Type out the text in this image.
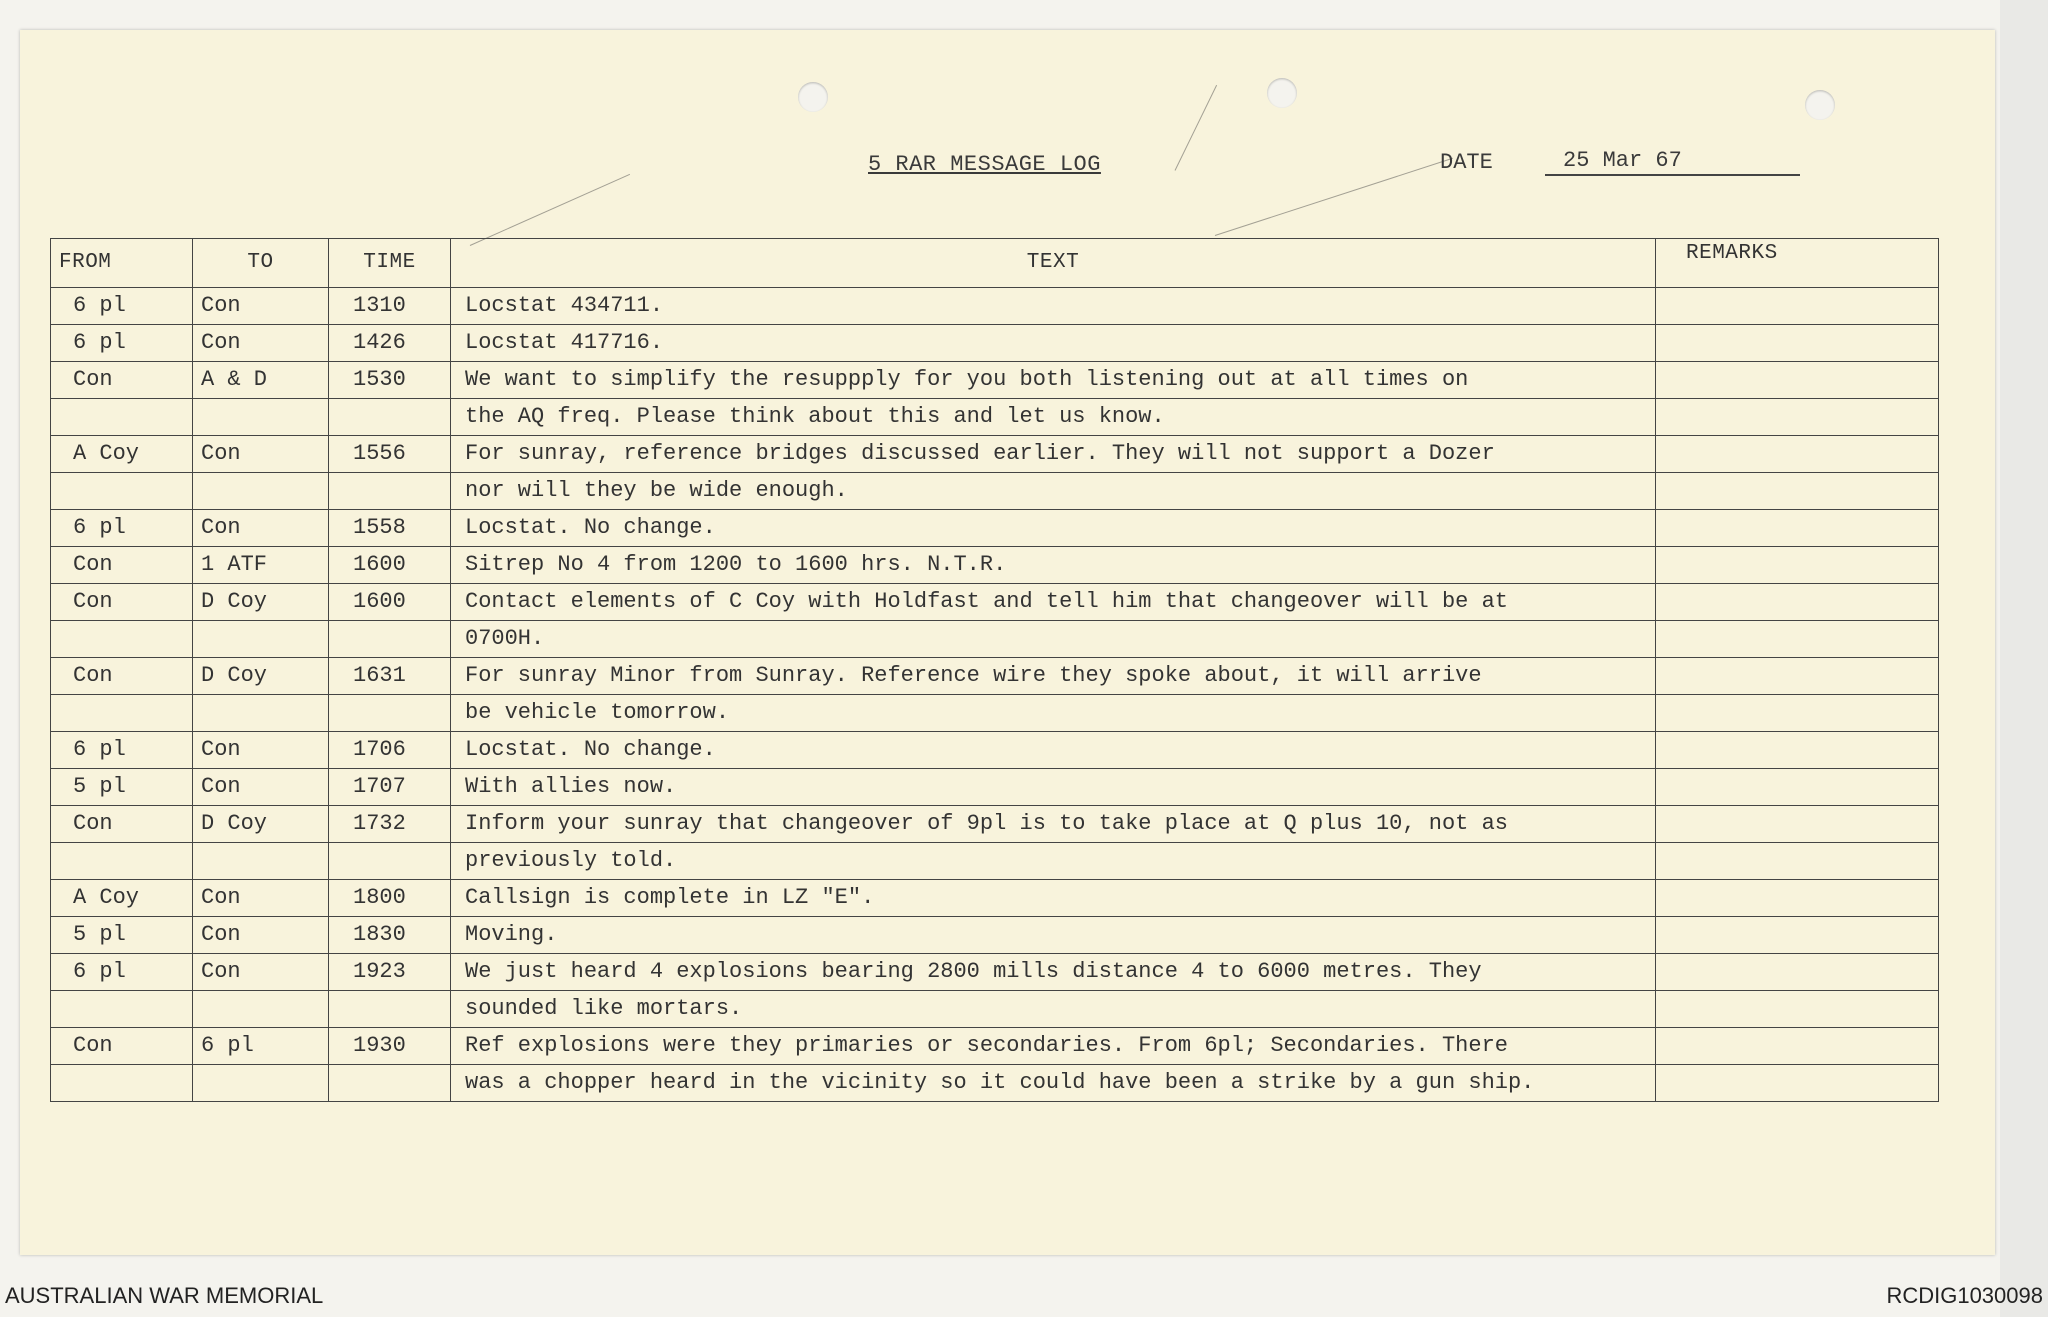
5 RAR MESSAGE LOG	DATE	25 Mar 67
FROM	TO	TIME	TEXT	REMARKS
6 pl	Con	1310	Locstat 434711.	
6 pl	Con	1426	Locstat 417716.	
Con	A & D	1530	We want to simplify the resuppply for you both listening out at all times on	
			the AQ freq. Please think about this and let us know.	
A Coy	Con	1556	For sunray, reference bridges discussed earlier. They will not support a Dozer	
			nor will they be wide enough.	
6 pl	Con	1558	Locstat. No change.	
Con	1 ATF	1600	Sitrep No 4 from 1200 to 1600 hrs. N.T.R.	
Con	D Coy	1600	Contact elements of C Coy with Holdfast and tell him that changeover will be at	
			0700H.	
Con	D Coy	1631	For sunray Minor from Sunray. Reference wire they spoke about, it will arrive	
			be vehicle tomorrow.	
6 pl	Con	1706	Locstat. No change.	
5 pl	Con	1707	With allies now.	
Con	D Coy	1732	Inform your sunray that changeover of 9pl is to take place at Q plus 10, not as	
			previously told.	
A Coy	Con	1800	Callsign is complete in LZ "E".	
5 pl	Con	1830	Moving.	
6 pl	Con	1923	We just heard 4 explosions bearing 2800 mills distance 4 to 6000 metres. They	
			sounded like mortars.	
Con	6 pl	1930	Ref explosions were they primaries or secondaries. From 6pl; Secondaries. There	
			was a chopper heard in the vicinity so it could have been a strike by a gun ship.	
AUSTRALIAN WAR MEMORIAL	RCDIG1030098
